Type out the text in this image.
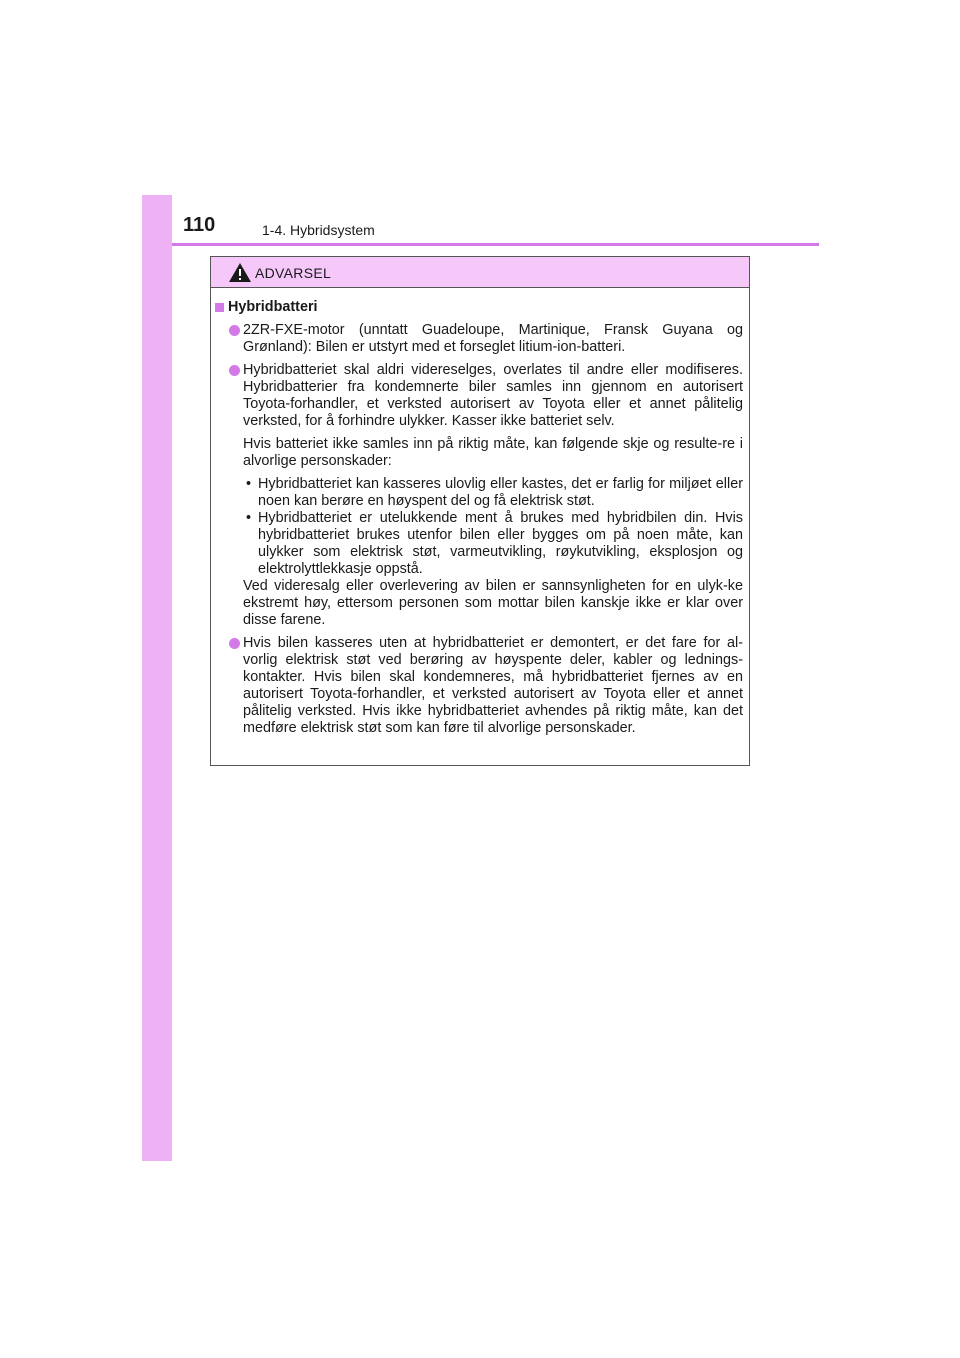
110	1-4. Hybridsystem
ADVARSEL
Hybridbatteri
2ZR-FXE-motor (unntatt Guadeloupe, Martinique, Fransk Guyana og Grønland): Bilen er utstyrt med et forseglet litium-ion-batteri.
Hybridbatteriet skal aldri videreselges, overlates til andre eller modifiseres. Hybridbatterier fra kondemnerte biler samles inn gjennom en autorisert Toyota-forhandler, et verksted autorisert av Toyota eller et annet pålitelig verksted, for å forhindre ulykker. Kasser ikke batteriet selv.
Hvis batteriet ikke samles inn på riktig måte, kan følgende skje og resulte-re i alvorlige personskader:
• Hybridbatteriet kan kasseres ulovlig eller kastes, det er farlig for miljøet eller noen kan berøre en høyspent del og få elektrisk støt.
• Hybridbatteriet er utelukkende ment å brukes med hybridbilen din. Hvis hybridbatteriet brukes utenfor bilen eller bygges om på noen måte, kan ulykker som elektrisk støt, varmeutvikling, røykutvikling, eksplosjon og elektrolyttlekkasje oppstå.
Ved videresalg eller overlevering av bilen er sannsynligheten for en ulyk-ke ekstremt høy, ettersom personen som mottar bilen kanskje ikke er klar over disse farene.
Hvis bilen kasseres uten at hybridbatteriet er demontert, er det fare for al-vorlig elektrisk støt ved berøring av høyspente deler, kabler og lednings-kontakter. Hvis bilen skal kondemneres, må hybridbatteriet fjernes av en autorisert Toyota-forhandler, et verksted autorisert av Toyota eller et annet pålitelig verksted. Hvis ikke hybridbatteriet avhendes på riktig måte, kan det medføre elektrisk støt som kan føre til alvorlige personskader.
